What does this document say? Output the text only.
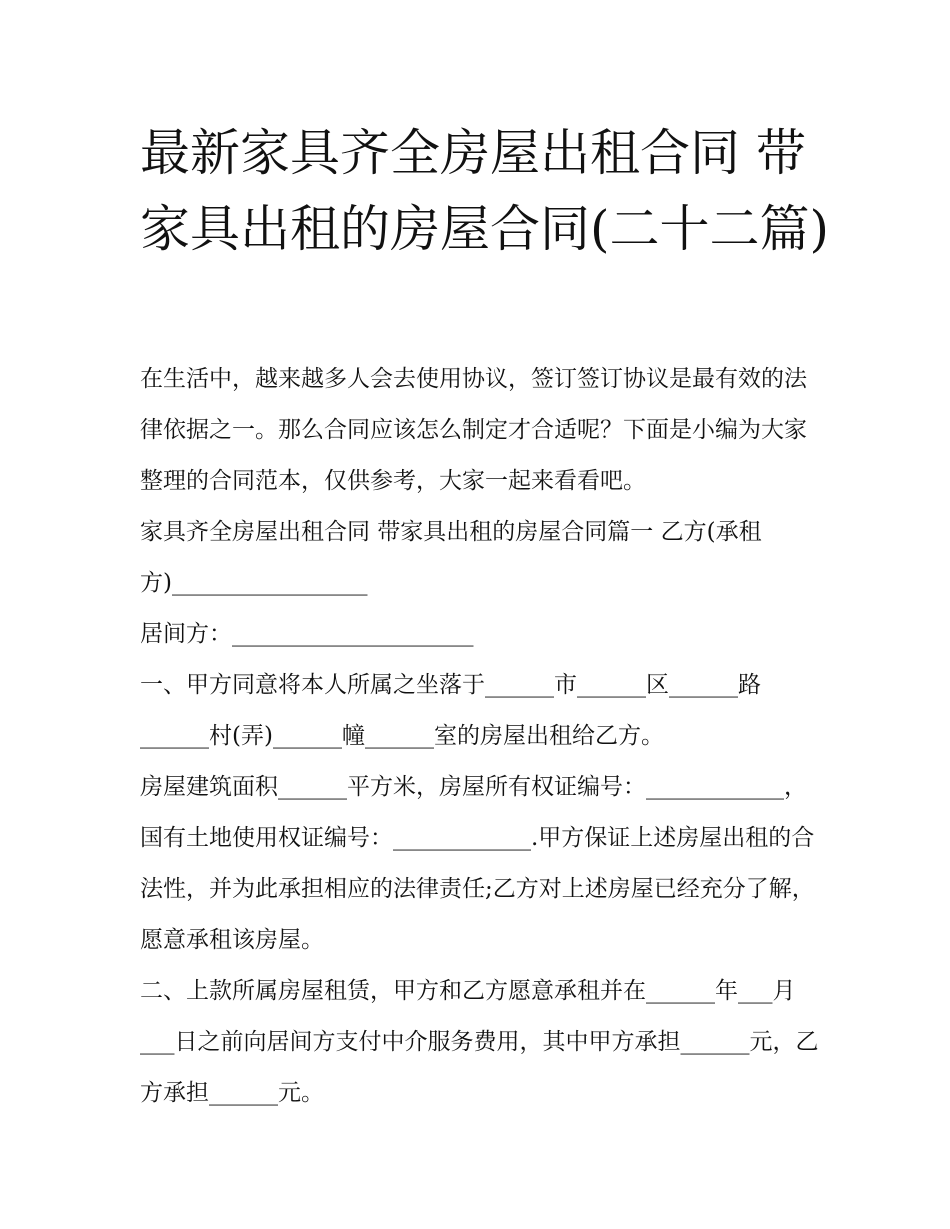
最新家具齐全房屋出租合同 带家具出租的房屋合同(二十二篇)

在生活中，越来越多人会去使用协议，签订签订协议是最有效的法律依据之一。那么合同应该怎么制定才合适呢？下面是小编为大家整理的合同范本，仅供参考，大家一起来看看吧。

家具齐全房屋出租合同 带家具出租的房屋合同篇一 乙方(承租方)_________________

居间方：_____________________

一、甲方同意将本人所属之坐落于______市______区______路______村(弄)______幢______室的房屋出租给乙方。

房屋建筑面积______平方米，房屋所有权证编号：____________，国有土地使用权证编号：____________.甲方保证上述房屋出租的合法性，并为此承担相应的法律责任;乙方对上述房屋已经充分了解，愿意承租该房屋。

二、上款所属房屋租赁，甲方和乙方愿意承租并在______年___月___日之前向居间方支付中介服务费用，其中甲方承担______元，乙方承担______元。
